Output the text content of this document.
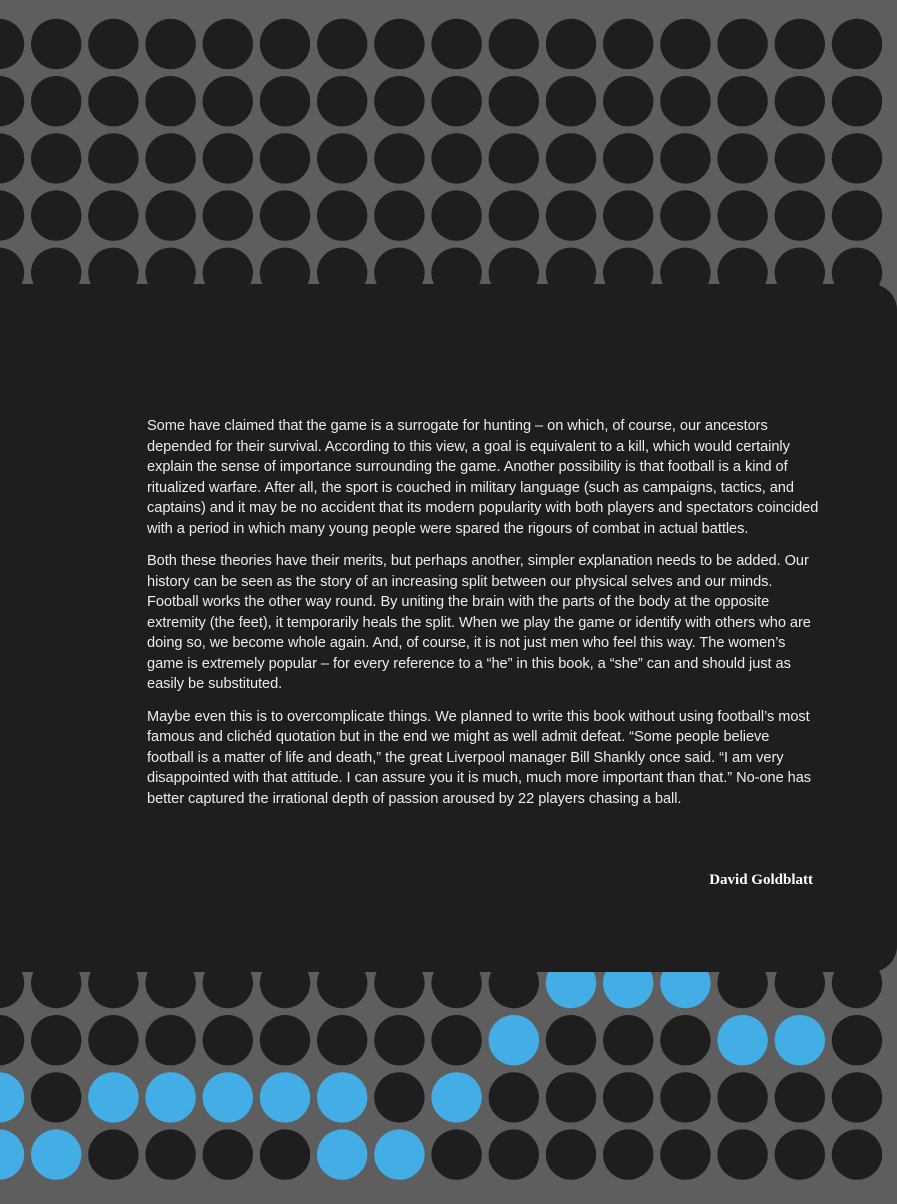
Some have claimed that the game is a surrogate for hunting – on which, of course, our ancestors depended for their survival. According to this view, a goal is equivalent to a kill, which would certainly explain the sense of importance surrounding the game. Another possibility is that football is a kind of ritualized warfare. After all, the sport is couched in military language (such as campaigns, tactics, and captains) and it may be no accident that its modern popularity with both players and spectators coincided with a period in which many young people were spared the rigours of combat in actual battles.

Both these theories have their merits, but perhaps another, simpler explanation needs to be added. Our history can be seen as the story of an increasing split between our physical selves and our minds. Football works the other way round. By uniting the brain with the parts of the body at the opposite extremity (the feet), it temporarily heals the split. When we play the game or identify with others who are doing so, we become whole again. And, of course, it is not just men who feel this way. The women’s game is extremely popular – for every reference to a “he” in this book, a “she” can and should just as easily be substituted.

Maybe even this is to overcomplicate things. We planned to write this book without using football’s most famous and clichéd quotation but in the end we might as well admit defeat. “Some people believe football is a matter of life and death,” the great Liverpool manager Bill Shankly once said. “I am very disappointed with that attitude. I can assure you it is much, much more important than that.” No-one has better captured the irrational depth of passion aroused by 22 players chasing a ball.

David Goldblatt
